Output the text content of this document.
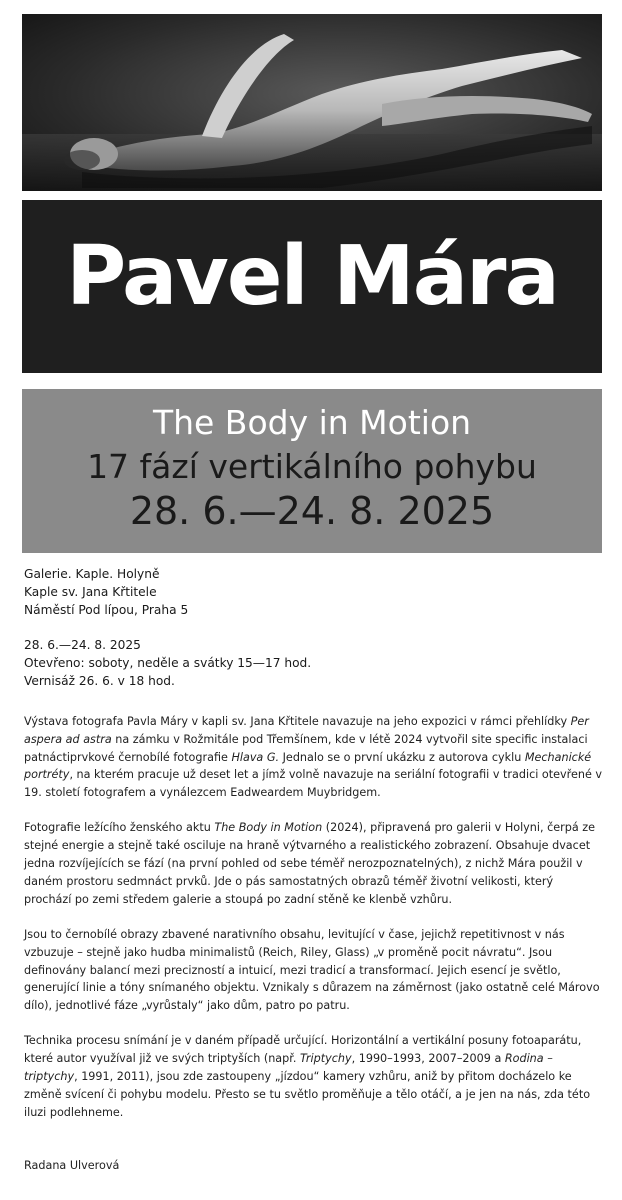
Pavel Mára
The Body in Motion
17 fází vertikálního pohybu
28. 6.—24. 8. 2025
Galerie. Kaple. Holyně
Kaple sv. Jana Křtitele
Náměstí Pod lípou, Praha 5
28. 6.—24. 8. 2025
Otevřeno: soboty, neděle a svátky 15—17 hod.
Vernisáž 26. 6. v 18 hod.

Výstava fotografa Pavla Máry v kapli sv. Jana Křtitele navazuje na jeho expozici v rámci přehlídky Per aspera ad astra na zámku v Rožmitále pod Třemšínem, kde v létě 2024 vytvořil site specific instalaci patnáctiprvkové černobílé fotografie Hlava G. Jednalo se o první ukázku z autorova cyklu Mechanické portréty, na kterém pracuje už deset let a jímž volně navazuje na seriální fotografii v tradici otevřené v 19. století fotografem a vynálezcem Eadweardem Muybridgem.

Fotografie ležícího ženského aktu The Body in Motion (2024), připravená pro galerii v Holyni, čerpá ze stejné energie a stejně také osciluje na hraně výtvarného a realistického zobrazení. Obsahuje dvacet jedna rozvíjejících se fází (na první pohled od sebe téměř nerozpoznatelných), z nichž Mára použil v daném prostoru sedmnáct prvků. Jde o pás samostatných obrazů téměř životní velikosti, který prochází po zemi středem galerie a stoupá po zadní stěně ke klenbě vzhůru.

Jsou to černobílé obrazy zbavené narativního obsahu, levitující v čase, jejichž repetitivnost v nás vzbuzuje – stejně jako hudba minimalistů (Reich, Riley, Glass) „v proměně pocit návratu“. Jsou definovány balancí mezi precizností a intuicí, mezi tradicí a transformací. Jejich esencí je světlo, generující linie a tóny snímaného objektu. Vznikaly s důrazem na záměrnost (jako ostatně celé Márovo dílo), jednotlivé fáze „vyrůstaly“ jako dům, patro po patru.

Technika procesu snímání je v daném případě určující. Horizontální a vertikální posuny fotoaparátu, které autor využíval již ve svých triptyších (např. Triptychy, 1990–1993, 2007–2009 a Rodina – triptychy, 1991, 2011), jsou zde zastoupeny „jízdou“ kamery vzhůru, aniž by přitom docházelo ke změně svícení či pohybu modelu. Přesto se tu světlo proměňuje a tělo otáčí, a je jen na nás, zda této iluzi podlehneme.

Radana Ulverová
